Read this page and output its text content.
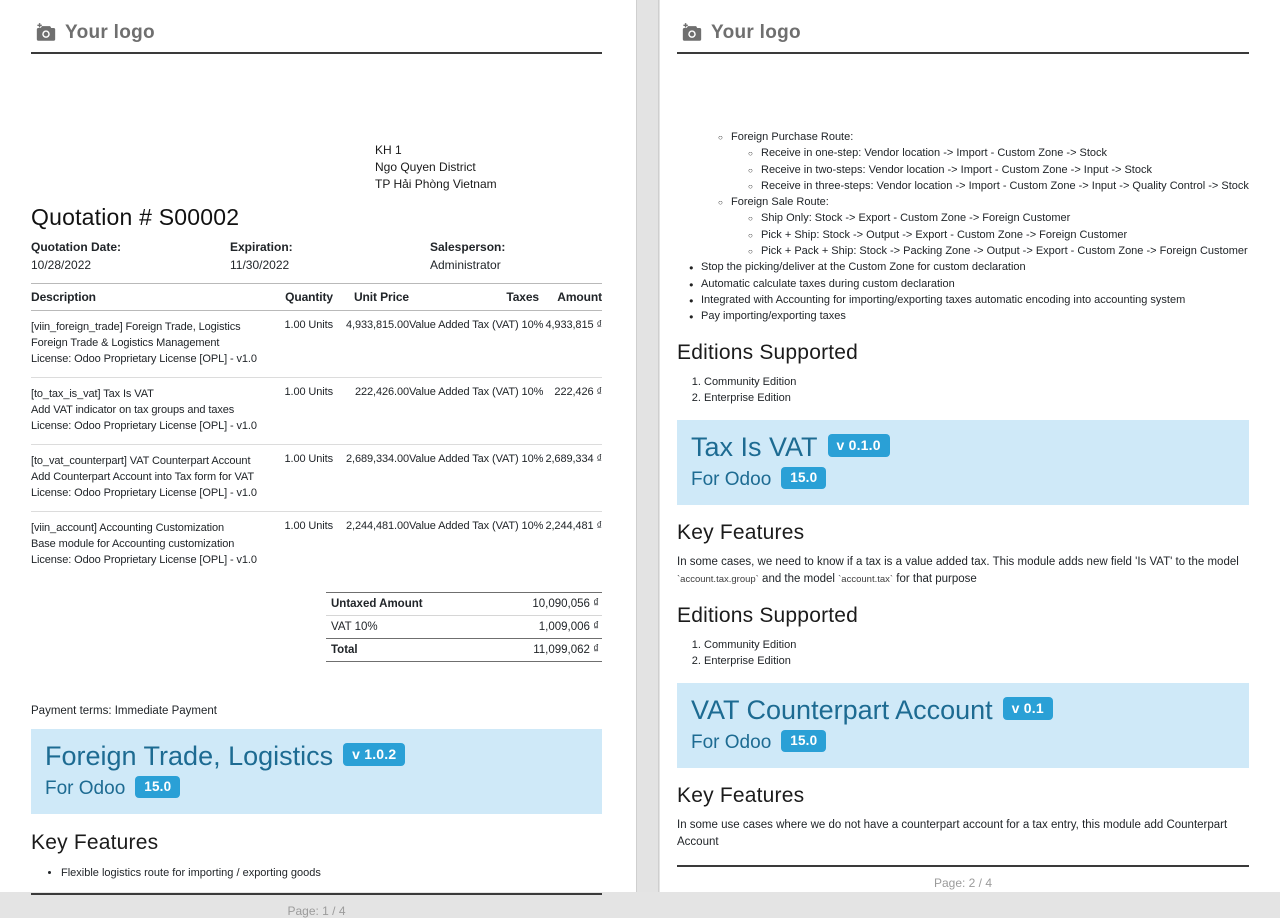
Your logo
KH 1
Ngo Quyen District
TP Hải Phòng Vietnam
Quotation # S00002
Quotation Date:
10/28/2022
Expiration:
11/30/2022
Salesperson:
Administrator
Description	Quantity	Unit Price	Taxes	Amount
[viin_foreign_trade] Foreign Trade, Logistics
Foreign Trade & Logistics Management
License: Odoo Proprietary License [OPL] - v1.0
1.00 Units	4,933,815.00 Value Added Tax (VAT) 10% 4,933,815 ₫
[to_tax_is_vat] Tax Is VAT
Add VAT indicator on tax groups and taxes
License: Odoo Proprietary License [OPL] - v1.0
1.00 Units	222,426.00 Value Added Tax (VAT) 10%	222,426 ₫
[to_vat_counterpart] VAT Counterpart Account
Add Counterpart Account into Tax form for VAT
License: Odoo Proprietary License [OPL] - v1.0
1.00 Units	2,689,334.00 Value Added Tax (VAT) 10% 2,689,334 ₫
[viin_account] Accounting Customization
Base module for Accounting customization
License: Odoo Proprietary License [OPL] - v1.0
1.00 Units	2,244,481.00 Value Added Tax (VAT) 10% 2,244,481 ₫
Untaxed Amount	10,090,056 ₫
VAT 10%	1,009,006 ₫
Total	11,099,062 ₫
Payment terms: Immediate Payment
Foreign Trade, Logistics v 1.0.2
For Odoo 15.0
Key Features
• Flexible logistics route for importing / exporting goods
Page: 1 / 4
Your logo
○ Foreign Purchase Route:
○ Receive in one-step: Vendor location -> Import - Custom Zone -> Stock
○ Receive in two-steps: Vendor location -> Import - Custom Zone -> Input -> Stock
○ Receive in three-steps: Vendor location -> Import - Custom Zone -> Input -> Quality Control -> Stock
○ Foreign Sale Route:
○ Ship Only: Stock -> Export - Custom Zone -> Foreign Customer
○ Pick + Ship: Stock -> Output -> Export - Custom Zone -> Foreign Customer
○ Pick + Pack + Ship: Stock -> Packing Zone -> Output -> Export - Custom Zone -> Foreign Customer
● Stop the picking/deliver at the Custom Zone for custom declaration
● Automatic calculate taxes during custom declaration
● Integrated with Accounting for importing/exporting taxes automatic encoding into accounting system
● Pay importing/exporting taxes
Editions Supported
1. Community Edition
2. Enterprise Edition
Tax Is VAT v 0.1.0
For Odoo 15.0
Key Features
In some cases, we need to know if a tax is a value added tax. This module adds new field 'Is VAT' to the model `account.tax.group` and the model `account.tax` for that purpose
Editions Supported
1. Community Edition
2. Enterprise Edition
VAT Counterpart Account v 0.1
For Odoo 15.0
Key Features
In some use cases where we do not have a counterpart account for a tax entry, this module add Counterpart Account
Page: 2 / 4
